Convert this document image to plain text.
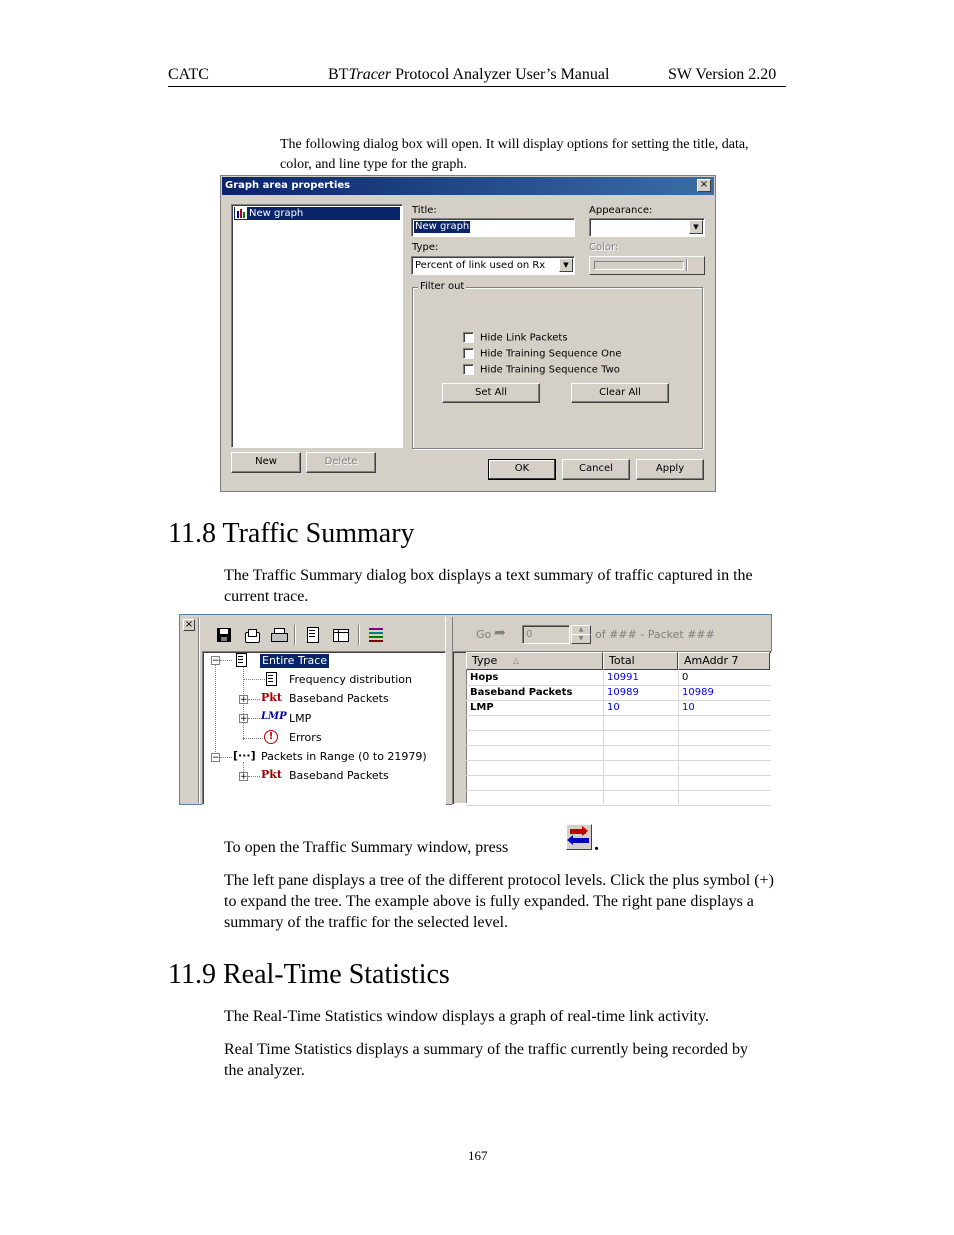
CATC	BTTracer Protocol Analyzer User’s Manual	SW Version 2.20
The following dialog box will open. It will display options for setting the title, data, color, and line type for the graph.
Graph area properties	×
New graph	Title:
New graph
Appearance:
▼
Type:
Percent of link used on Rx	▼
Color:
Filter out
Hide Link Packets
Hide Training Sequence One
Hide Training Sequence Two
Set All	Clear All
New	Delete
OK	Cancel	Apply
11.8 Traffic Summary
The Traffic Summary dialog box displays a text summary of traffic captured in the current trace.
×
Go ➦ 0	▲
▼	of ### - Packet ###
−	Entire Trace
Frequency distribution
+ Pkt Baseband Packets
+ LMP LMP
!	Errors
− [···] Packets in Range (0 to 21979)
+ Pkt Baseband Packets
Type △	Total	AmAddr 7
Hops	10991	0
Baseband Packets	10989	10989
LMP	10	10
To open the Traffic Summary window, press	.
The left pane displays a tree of the different protocol levels. Click the plus symbol (+) to expand the tree. The example above is fully expanded. The right pane displays a summary of the traffic for the selected level.
11.9 Real-Time Statistics
The Real-Time Statistics window displays a graph of real-time link activity.
Real Time Statistics displays a summary of the traffic currently being recorded by the analyzer.
167
